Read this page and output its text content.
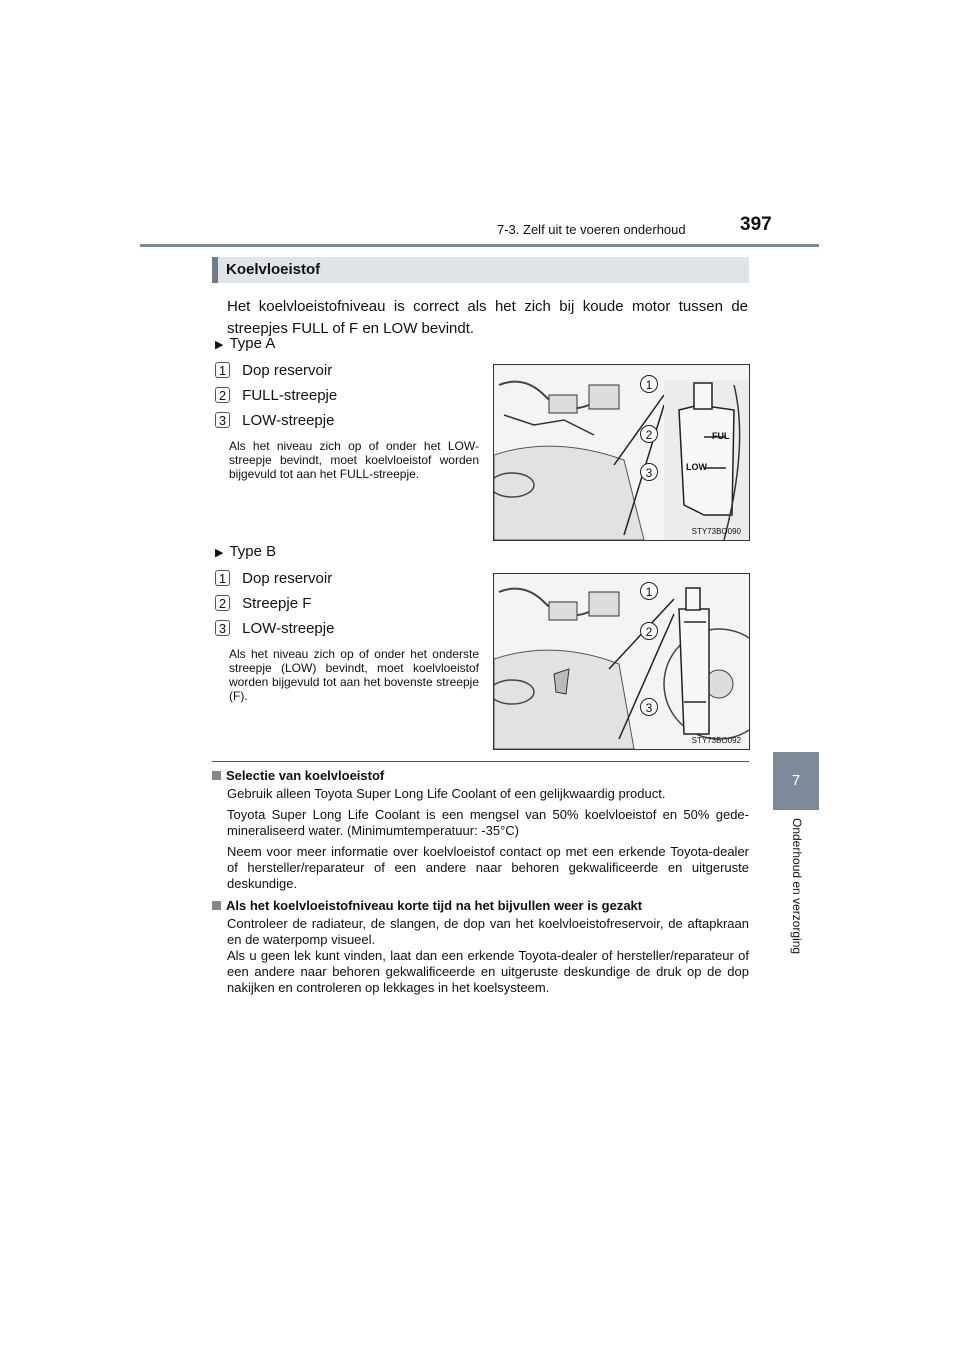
7-3. Zelf uit te voeren onderhoud	397
7
Onderhoud en verzorging
Koelvloeistof
Het koelvloeistofniveau is correct als het zich bij koude motor tussen de streepjes FULL of F en LOW bevindt.
▶ Type A
1 Dop reservoir
2 FULL-streepje
3 LOW-streepje
Als het niveau zich op of onder het LOW-streepje bevindt, moet koelvloeistof worden bijgevuld tot aan het FULL-streepje.
FUL
LOW
1
2
3
STY73BO090
▶ Type B
1 Dop reservoir
2 Streepje F
3 LOW-streepje
Als het niveau zich op of onder het onderste streepje (LOW) bevindt, moet koelvloeistof worden bijgevuld tot aan het bovenste streepje (F).
1
2
3
STY73BO092
Selectie van koelvloeistof
Gebruik alleen Toyota Super Long Life Coolant of een gelijkwaardig product.
Toyota Super Long Life Coolant is een mengsel van 50% koelvloeistof en 50% gedemineraliseerd water. (Minimumtemperatuur: -35°C)
Neem voor meer informatie over koelvloeistof contact op met een erkende Toyota-dealer of hersteller/reparateur of een andere naar behoren gekwalificeerde en uitgeruste deskundige.
Als het koelvloeistofniveau korte tijd na het bijvullen weer is gezakt
Controleer de radiateur, de slangen, de dop van het koelvloeistofreservoir, de aftapkraan en de waterpomp visueel.
Als u geen lek kunt vinden, laat dan een erkende Toyota-dealer of hersteller/reparateur of een andere naar behoren gekwalificeerde en uitgeruste deskundige de druk op de dop nakijken en controleren op lekkages in het koelsysteem.
